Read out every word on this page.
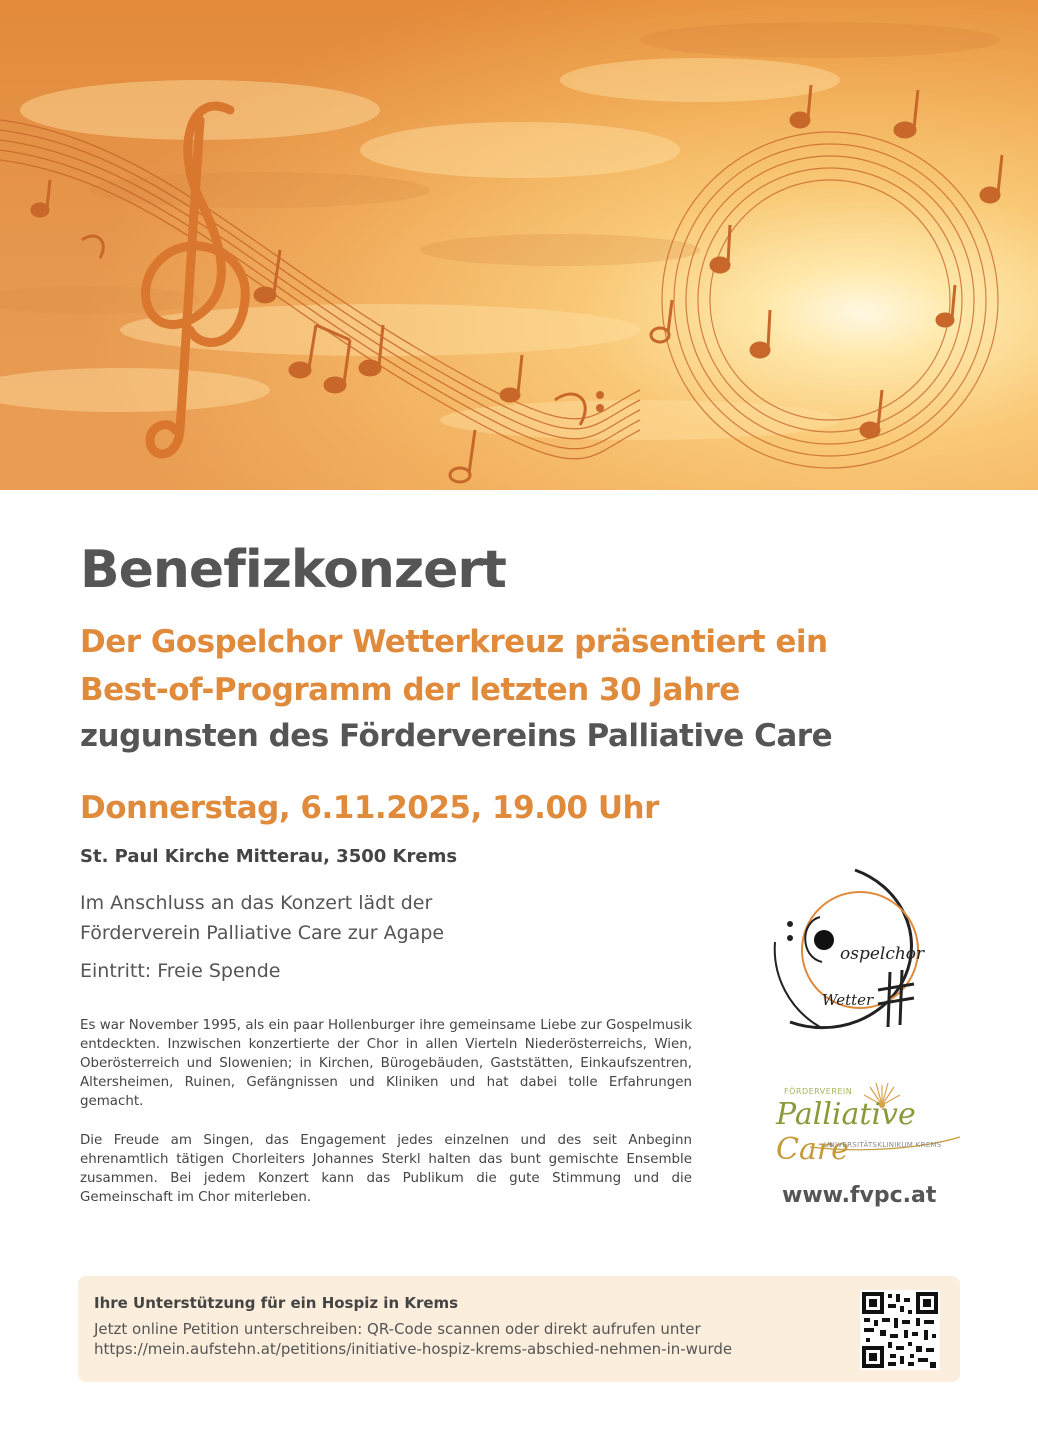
Benefizkonzert

Der Gospelchor Wetterkreuz präsentiert ein

Best-of-Programm der letzten 30 Jahre

zugunsten des Fördervereins Palliative Care

Donnerstag, 6.11.2025, 19.00 Uhr

St. Paul Kirche Mitterau, 3500 Krems

Im Anschluss an das Konzert lädt der
Förderverein Palliative Care zur Agape

Eintritt: Freie Spende

Es war November 1995, als ein paar Hollenburger ihre gemeinsame Liebe zur Gospelmusik entdeckten. Inzwischen konzertierte der Chor in allen Vierteln Niederösterreichs, Wien, Oberösterreich und Slowenien; in Kirchen, Bürogebäuden, Gaststätten, Einkaufszentren, Altersheimen, Ruinen, Gefängnissen und Kliniken und hat dabei tolle Erfahrungen gemacht.

Die Freude am Singen, das Engagement jedes einzelnen und des seit Anbeginn ehrenamtlich tätigen Chorleiters Johannes Sterkl halten das bunt gemischte Ensemble zusammen. Bei jedem Konzert kann das Publikum die gute Stimmung und die Gemeinschaft im Chor miterleben.

ospelchor
Wetter
FÖRDERVEREIN
Palliative Care
UNIVERSITÄTSKLINIKUM KREMS

www.fvpc.at

Ihre Unterstützung für ein Hospiz in Krems

Jetzt online Petition unterschreiben: QR-Code scannen oder direkt aufrufen unter

https://mein.aufstehn.at/petitions/initiative-hospiz-krems-abschied-nehmen-in-wurde
